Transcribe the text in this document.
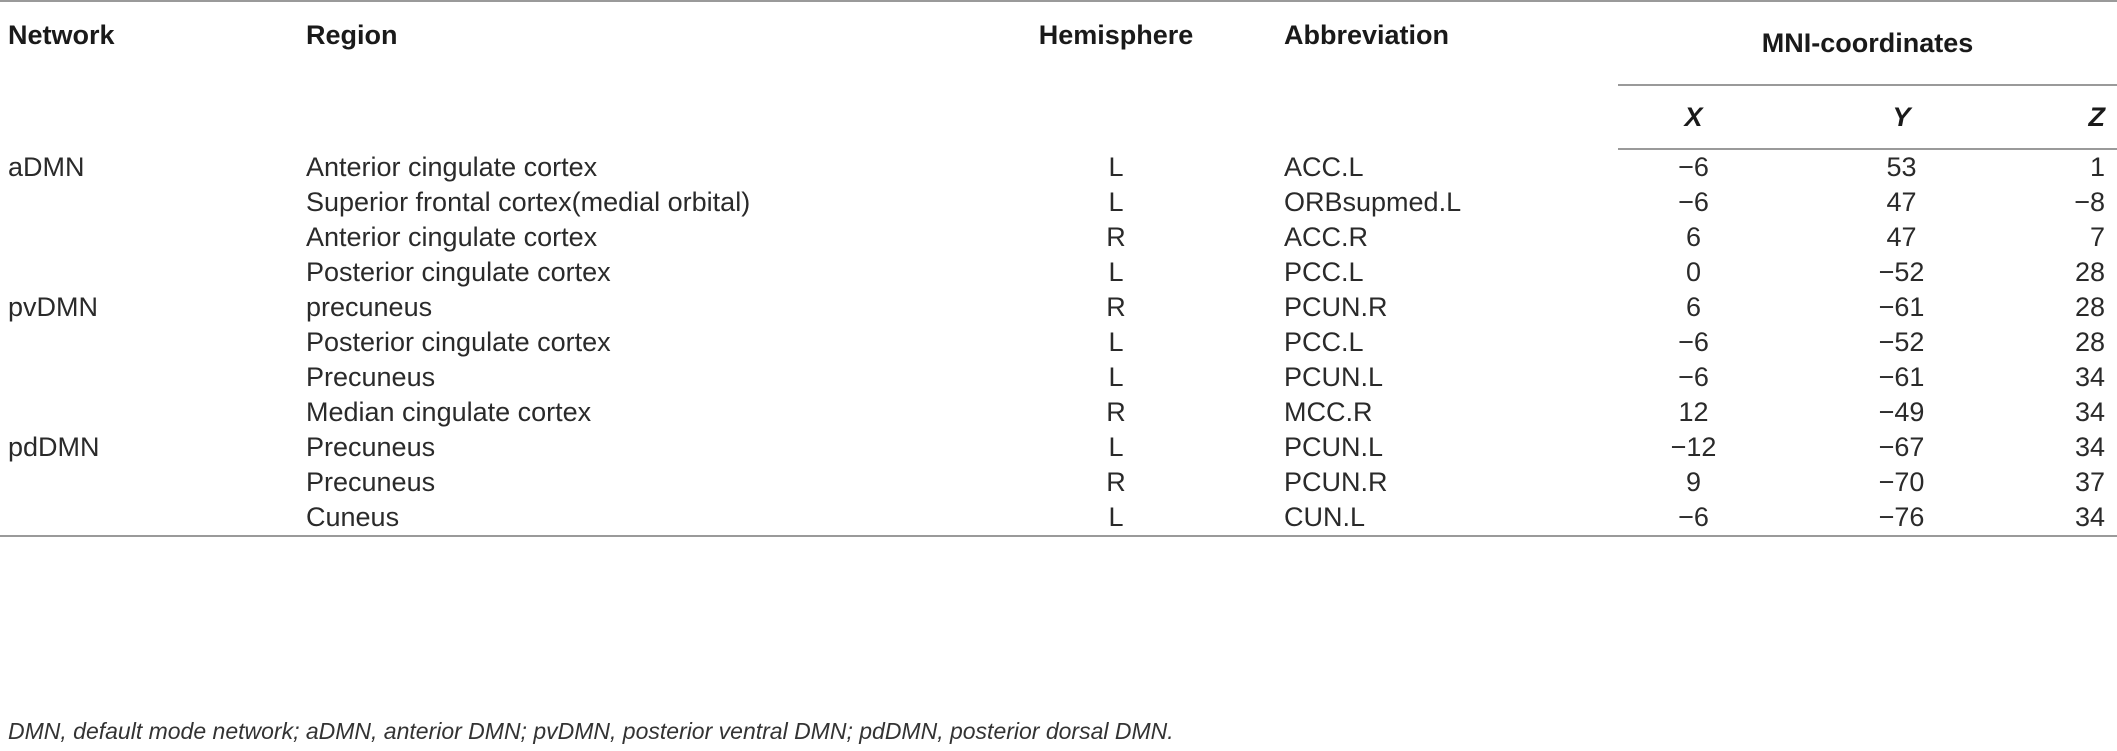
Network	Region	Hemisphere	Abbreviation	MNI-coordinates		
				X	Y	Z
aDMN	Anterior cingulate cortex	L	ACC.L	−6	53	1
	Superior frontal cortex(medial orbital)	L	ORBsupmed.L	−6	47	−8
	Anterior cingulate cortex	R	ACC.R	6	47	7
	Posterior cingulate cortex	L	PCC.L	0	−52	28
pvDMN	precuneus	R	PCUN.R	6	−61	28
	Posterior cingulate cortex	L	PCC.L	−6	−52	28
	Precuneus	L	PCUN.L	−6	−61	34
	Median cingulate cortex	R	MCC.R	12	−49	34
pdDMN	Precuneus	L	PCUN.L	−12	−67	34
	Precuneus	R	PCUN.R	9	−70	37
	Cuneus	L	CUN.L	−6	−76	34
DMN, default mode network; aDMN, anterior DMN; pvDMN, posterior ventral DMN; pdDMN, posterior dorsal DMN.
